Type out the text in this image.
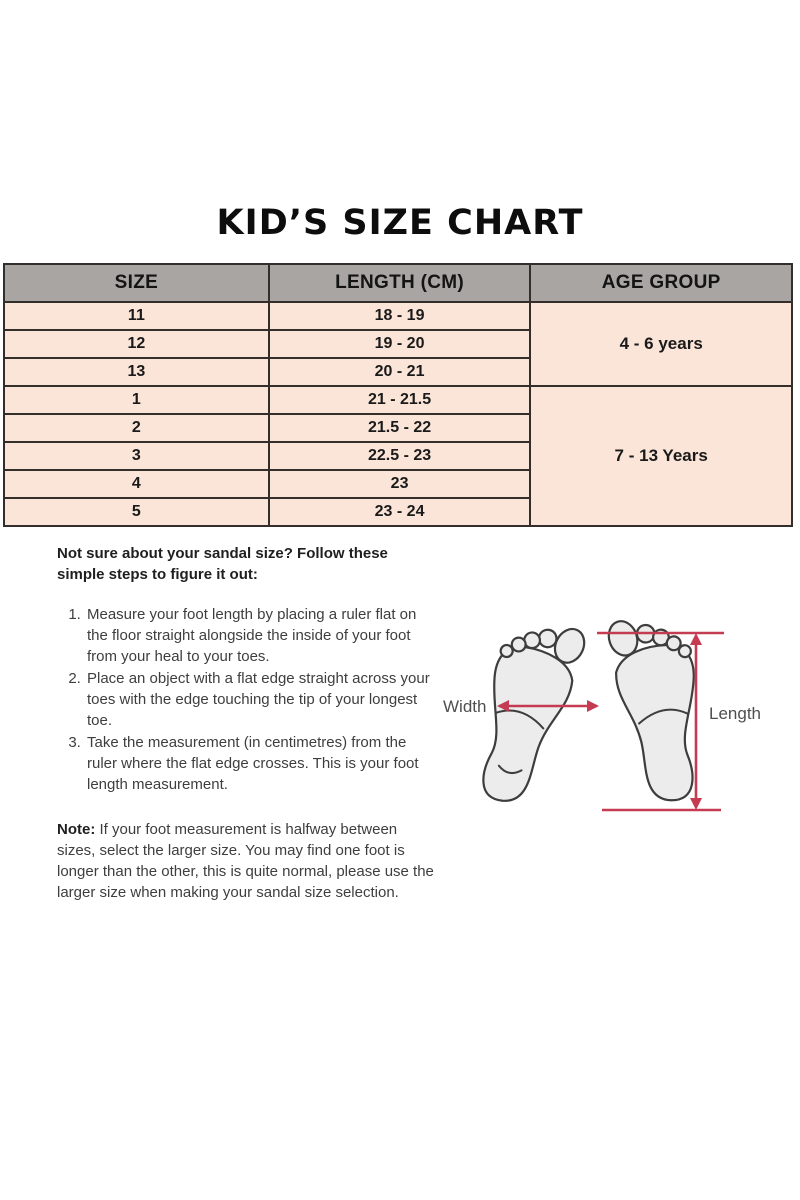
KID’S SIZE CHART
SIZE	LENGTH (CM)	AGE GROUP
11	18 - 19	4 - 6 years
12	19 - 20	
13	20 - 21	
1	21 - 21.5	7 - 13 Years
2	21.5 - 22	
3	22.5 - 23	
4	23	
5	23 - 24	

Not sure about your sandal size? Follow these simple steps to figure it out:

1. Measure your foot length by placing a ruler flat on the floor straight alongside the inside of your foot from your heal to your toes.
2. Place an object with a flat edge straight across your toes with the edge touching the tip of your longest toe.
3. Take the measurement (in centimetres) from the ruler where the flat edge crosses. This is your foot length measurement.

Note: If your foot measurement is halfway between sizes, select the larger size. You may find one foot is longer than the other, this is quite normal, please use the larger size when making your sandal size selection.

Width	Length
